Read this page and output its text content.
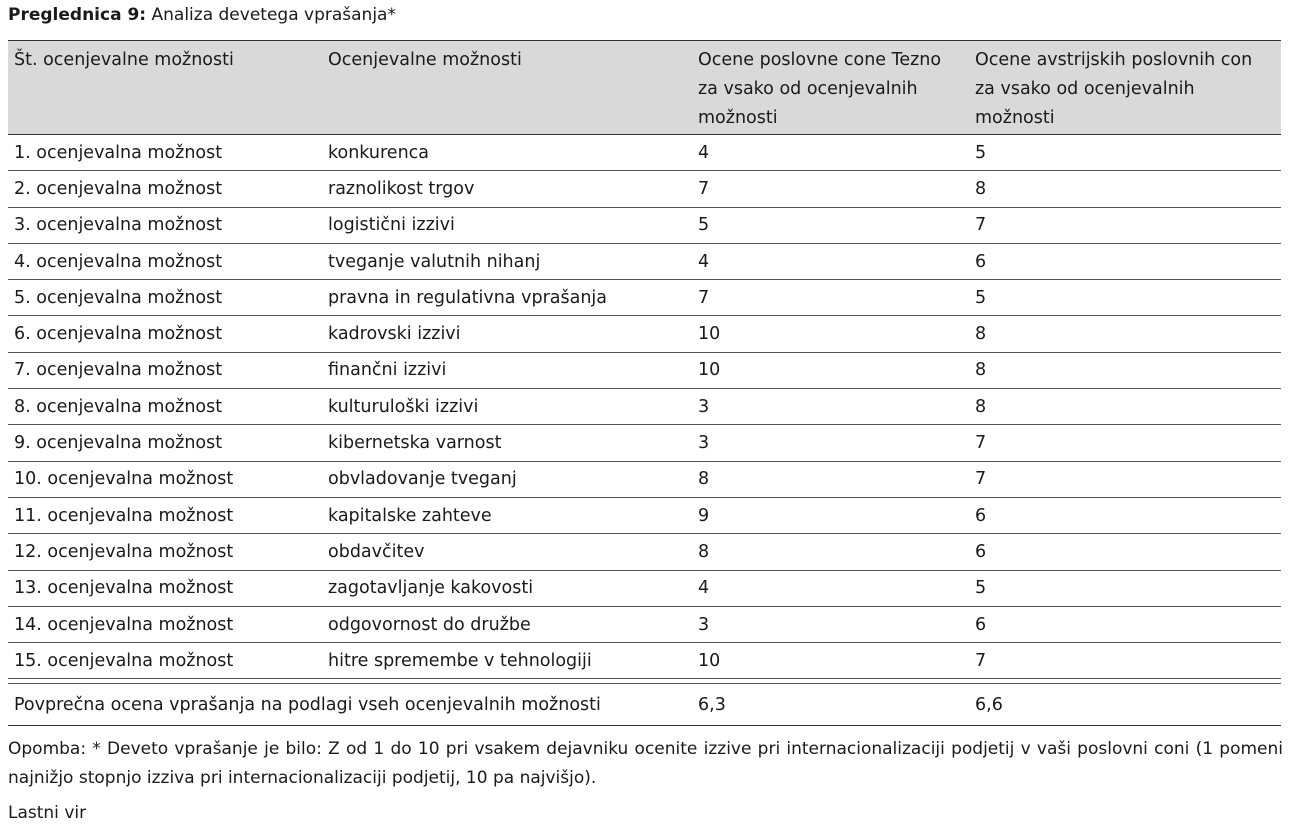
Preglednica 9: Analiza devetega vprašanja*
Št. ocenjevalne možnosti	Ocenjevalne možnosti	Ocene poslovne cone Tezno za vsako od ocenjevalnih možnosti	Ocene avstrijskih poslovnih con za vsako od ocenjevalnih možnosti
1. ocenjevalna možnost	konkurenca	4	5
2. ocenjevalna možnost	raznolikost trgov	7	8
3. ocenjevalna možnost	logistični izzivi	5	7
4. ocenjevalna možnost	tveganje valutnih nihanj	4	6
5. ocenjevalna možnost	pravna in regulativna vprašanja	7	5
6. ocenjevalna možnost	kadrovski izzivi	10	8
7. ocenjevalna možnost	finančni izzivi	10	8
8. ocenjevalna možnost	kulturuloški izzivi	3	8
9. ocenjevalna možnost	kibernetska varnost	3	7
10. ocenjevalna možnost	obvladovanje tveganj	8	7
11. ocenjevalna možnost	kapitalske zahteve	9	6
12. ocenjevalna možnost	obdavčitev	8	6
13. ocenjevalna možnost	zagotavljanje kakovosti	4	5
14. ocenjevalna možnost	odgovornost do družbe	3	6
15. ocenjevalna možnost	hitre spremembe v tehnologiji	10	7

Povprečna ocena vprašanja na podlagi vseh ocenjevalnih možnosti		6,3	6,6
Opomba: * Deveto vprašanje je bilo: Z od 1 do 10 pri vsakem dejavniku ocenite izzive pri internacionalizaciji podjetij v vaši poslovni coni (1 pomeni najnižjo stopnjo izziva pri internacionalizaciji podjetij, 10 pa najvišjo).
Lastni vir
